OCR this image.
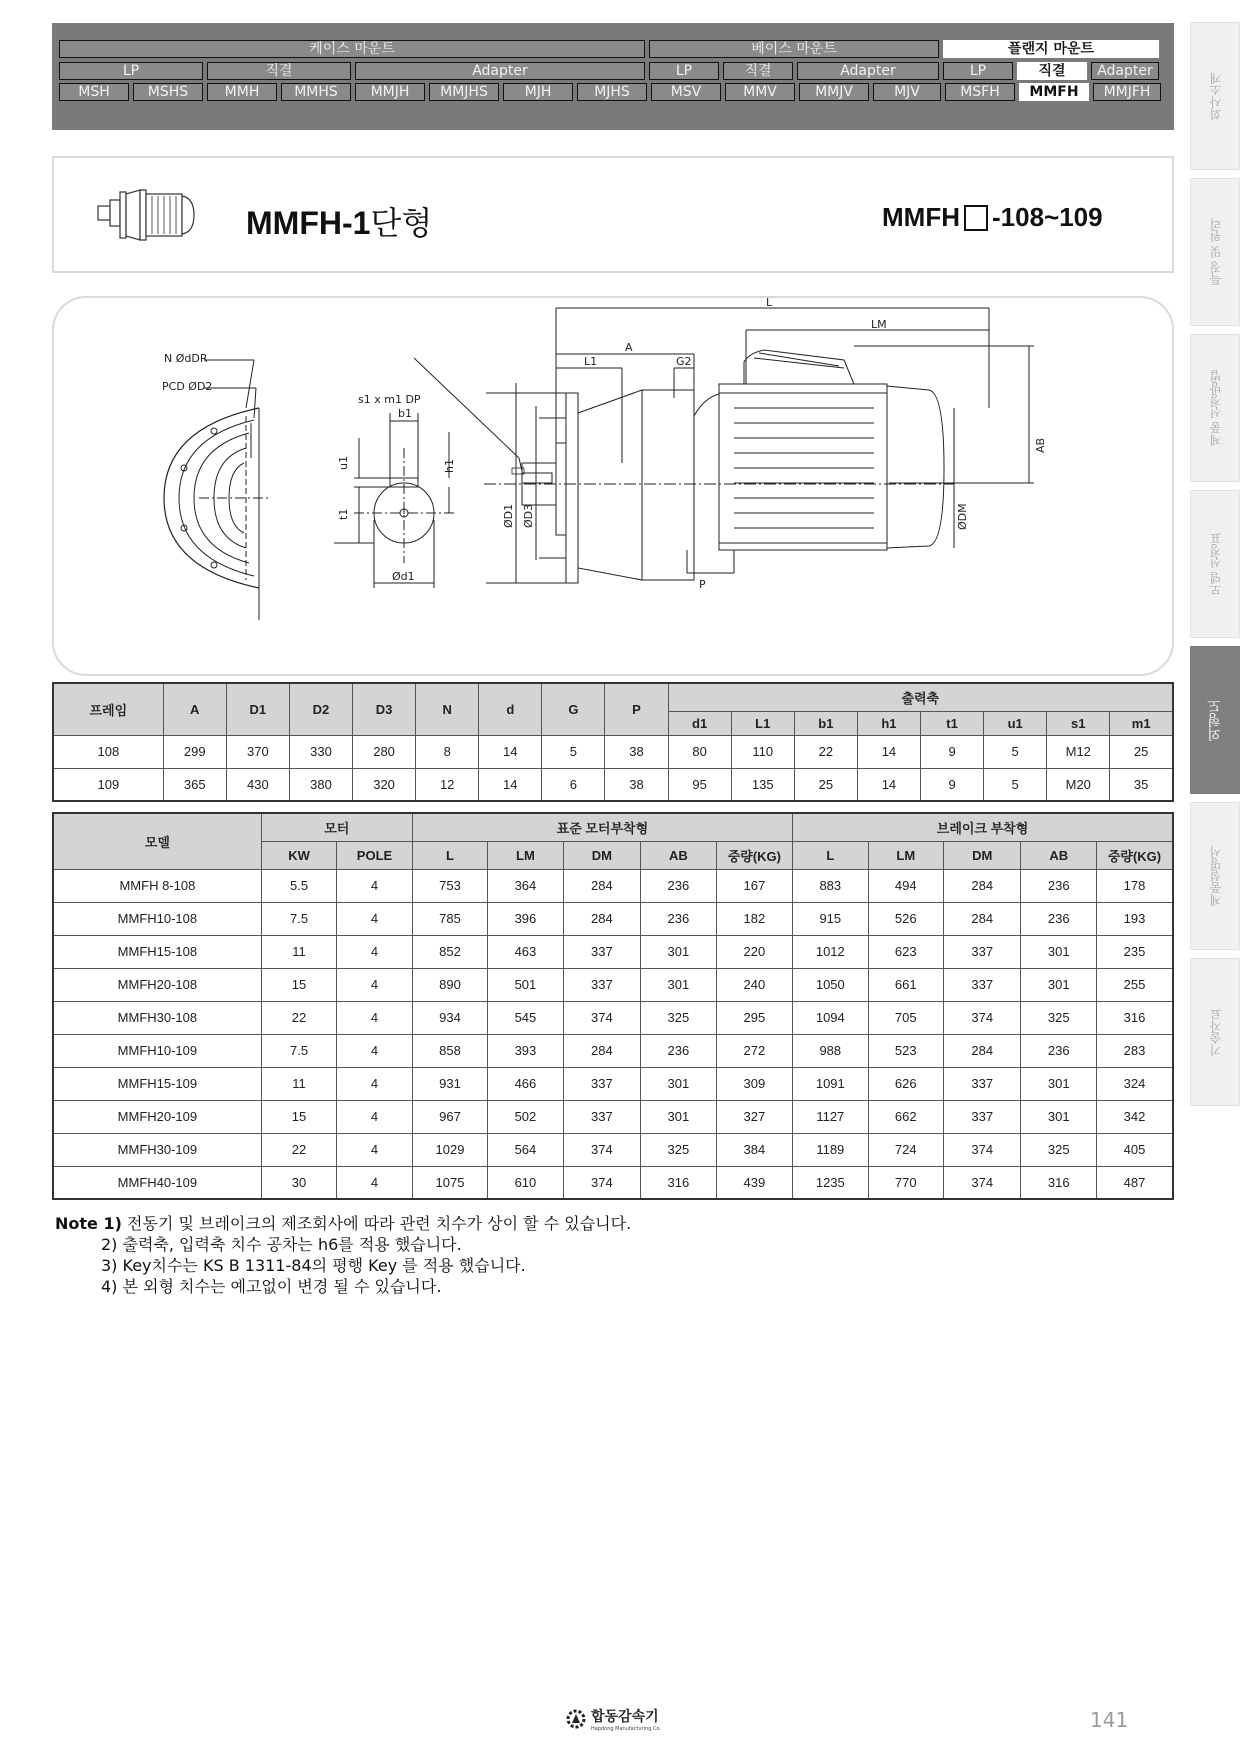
케이스 마운트	베이스 마운트	플랜지 마운트
LP	직결	Adapter	LP	직결	Adapter	LP	직결	Adapter
MSH	MSHS	MMH	MMHS	MMJH	MMJHS	MJH	MJHS	MSV	MMV	MMJV	MJV	MSFH	MMFH	MMJFH
MMFH-1단형	MMFH -108~109
N ØdDR
PCD ØD2
s1 x m1 DP
b1
u1
t1
h1
Ød1
L
LM
A
L1	G2
AB
ØD1 ØD3	ØDM
P
프레임	A	D1	D2	D3	N	d	G	P	출력축							
									d1	L1	b1	h1	t1	u1	s1	m1
108	299	370	330	280	8	14	5	38	80	110	22	14	9	5	M12	25
109	365	430	380	320	12	14	6	38	95	135	25	14	9	5	M20	35
모델	모터		표준 모터부착형					브레이크 부착형				
	KW	POLE	L	LM	DM	AB	중량(KG)	L	LM	DM	AB	중량(KG)
MMFH 8-108	5.5	4	753	364	284	236	167	883	494	284	236	178
MMFH10-108	7.5	4	785	396	284	236	182	915	526	284	236	193
MMFH15-108	11	4	852	463	337	301	220	1012	623	337	301	235
MMFH20-108	15	4	890	501	337	301	240	1050	661	337	301	255
MMFH30-108	22	4	934	545	374	325	295	1094	705	374	325	316
MMFH10-109	7.5	4	858	393	284	236	272	988	523	284	236	283
MMFH15-109	11	4	931	466	337	301	309	1091	626	337	301	324
MMFH20-109	15	4	967	502	337	301	327	1127	662	337	301	342
MMFH30-109	22	4	1029	564	374	325	384	1189	724	374	325	405
MMFH40-109	30	4	1075	610	374	316	439	1235	770	374	316	487
Note 1) 전동기 및 브레이크의 제조회사에 따라 관련 치수가 상이 할 수 있습니다.
2) 출력축, 입력축 치수 공차는 h6를 적용 했습니다.
3) Key치수는 KS B 1311-84의 평행 Key 를 적용 했습니다.
4) 본 외형 치수는 예고없이 변경 될 수 있습니다.
회사소개
특징 및 원리
제품 선정방법
모델 선정표
외형도
제품설명서
기술자료
합동감속기
Hapdong Manufacturing Co.	141
